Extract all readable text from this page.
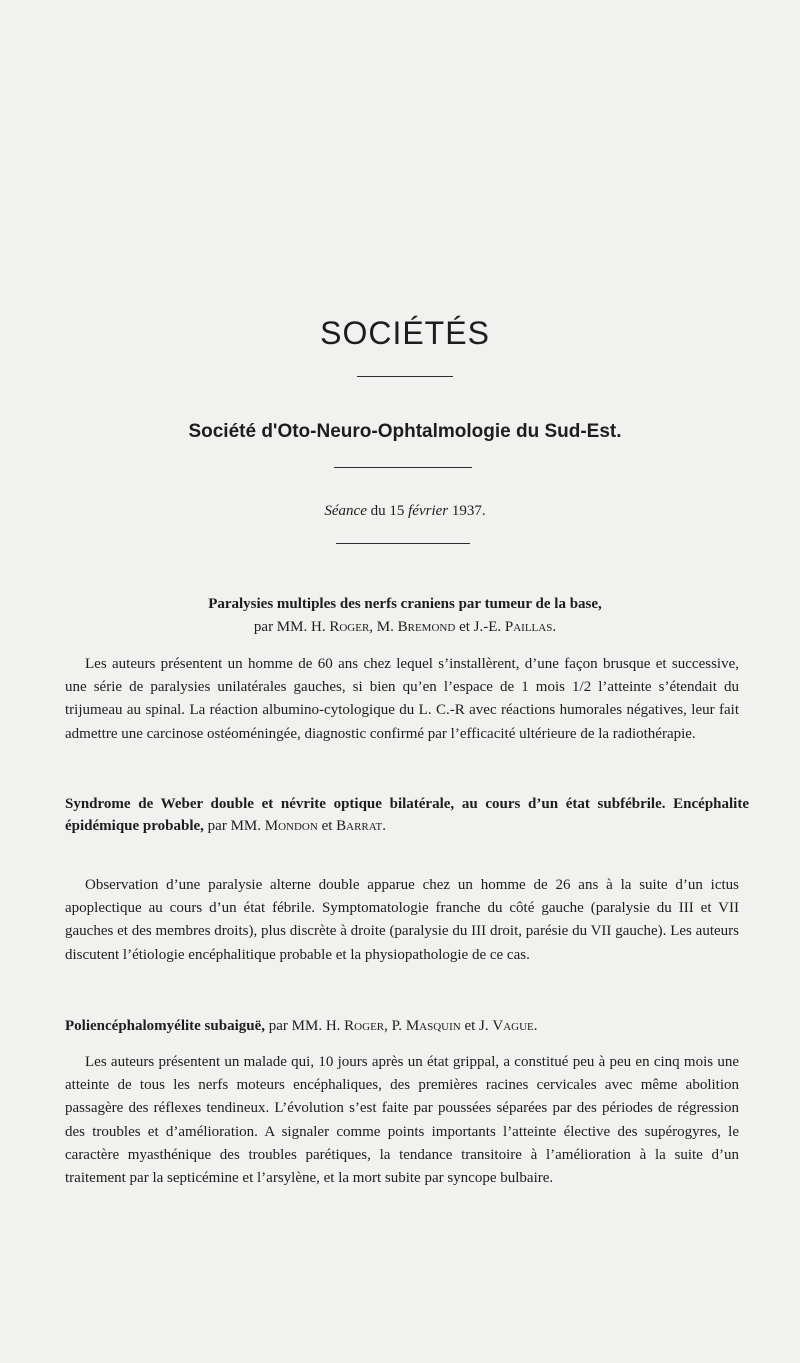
SOCIÉTÉS
Société d'Oto-Neuro-Ophtalmologie du Sud-Est.
Séance du 15 février 1937.
Paralysies multiples des nerfs craniens par tumeur de la base,
par MM. H. Roger, M. Bremond et J.-E. Paillas.
Les auteurs présentent un homme de 60 ans chez lequel s’installèrent, d’une façon brusque et successive, une série de paralysies unilatérales gauches, si bien qu’en l’espace de 1 mois 1/2 l’atteinte s’étendait du trijumeau au spinal. La réaction albumino-cytologique du L. C.-R avec réactions humorales négatives, leur fait admettre une carcinose ostéoméningée, diagnostic confirmé par l’efficacité ultérieure de la radiothérapie.
Syndrome de Weber double et névrite optique bilatérale, au cours d’un état subfébrile. Encéphalite épidémique probable, par MM. Mondon et Barrat.
Observation d’une paralysie alterne double apparue chez un homme de 26 ans à la suite d’un ictus apoplectique au cours d’un état fébrile. Symptomatologie franche du côté gauche (paralysie du III et VII gauches et des membres droits), plus discrète à droite (paralysie du III droit, parésie du VII gauche). Les auteurs discutent l’étiologie encéphalitique probable et la physiopathologie de ce cas.
Poliencéphalomyélite subaiguë, par MM. H. Roger, P. Masquin et J. Vague.
Les auteurs présentent un malade qui, 10 jours après un état grippal, a constitué peu à peu en cinq mois une atteinte de tous les nerfs moteurs encéphaliques, des premières racines cervicales avec même abolition passagère des réflexes tendineux. L’évolution s’est faite par poussées séparées par des périodes de régression des troubles et d’amélioration. A signaler comme points importants l’atteinte élective des supérogyres, le caractère myasthénique des troubles parétiques, la tendance transitoire à l’amélioration à la suite d’un traitement par la septicémine et l’arsylène, et la mort subite par syncope bulbaire.
